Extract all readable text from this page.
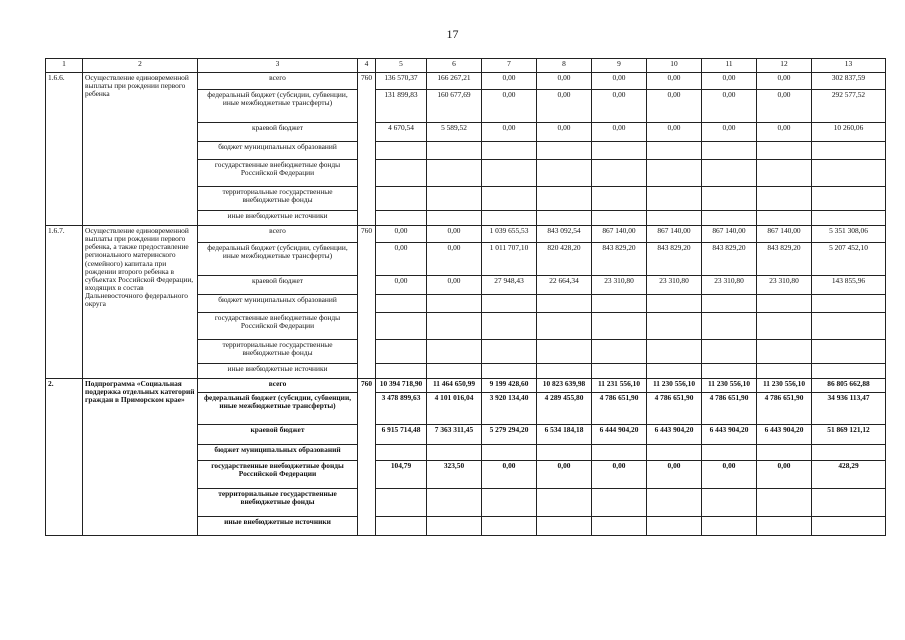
17
1	2	3	4	5	6	7	8	9	10	11	12	13
1.6.6.	Осуществление единовременной выплаты при рождении первого ребенка	всего	760	136 570,37	166 267,21	0,00	0,00	0,00	0,00	0,00	0,00	302 837,59
		федеральный бюджет (субсидии, субвенции, иные межбюджетные трансферты)		131 899,83	160 677,69	0,00	0,00	0,00	0,00	0,00	0,00	292 577,52
		краевой бюджет		4 670,54	5 589,52	0,00	0,00	0,00	0,00	0,00	0,00	10 260,06
		бюджет муниципальных образований										
		государственные внебюджетные фонды Российской Федерации										
		территориальные государственные внебюджетные фонды										
		иные внебюджетные источники										
1.6.7.	Осуществление единовременной выплаты при рождении первого ребенка, а также предоставление регионального материнского (семейного) капитала при рождении второго ребенка в субъектах Российской Федерации, входящих в состав Дальневосточного федерального округа	всего	760	0,00	0,00	1 039 655,53	843 092,54	867 140,00	867 140,00	867 140,00	867 140,00	5 351 308,06
		федеральный бюджет (субсидии, субвенции, иные межбюджетные трансферты)		0,00	0,00	1 011 707,10	820 428,20	843 829,20	843 829,20	843 829,20	843 829,20	5 207 452,10
		краевой бюджет		0,00	0,00	27 948,43	22 664,34	23 310,80	23 310,80	23 310,80	23 310,80	143 855,96
		бюджет муниципальных образований										
		государственные внебюджетные фонды Российской Федерации										
		территориальные государственные внебюджетные фонды										
		иные внебюджетные источники										
2.	Подпрограмма «Социальная поддержка отдельных категорий граждан в Приморском крае»	всего	760	10 394 718,90	11 464 650,99	9 199 428,60	10 823 639,98	11 231 556,10	11 230 556,10	11 230 556,10	11 230 556,10	86 805 662,88
		федеральный бюджет (субсидии, субвенции, иные межбюджетные трансферты)		3 478 899,63	4 101 016,04	3 920 134,40	4 289 455,80	4 786 651,90	4 786 651,90	4 786 651,90	4 786 651,90	34 936 113,47
		краевой бюджет		6 915 714,48	7 363 311,45	5 279 294,20	6 534 184,18	6 444 904,20	6 443 904,20	6 443 904,20	6 443 904,20	51 869 121,12
		бюджет муниципальных образований										
		государственные внебюджетные фонды Российской Федерации		104,79	323,50	0,00	0,00	0,00	0,00	0,00	0,00	428,29
		территориальные государственные внебюджетные фонды										
		иные внебюджетные источники										
